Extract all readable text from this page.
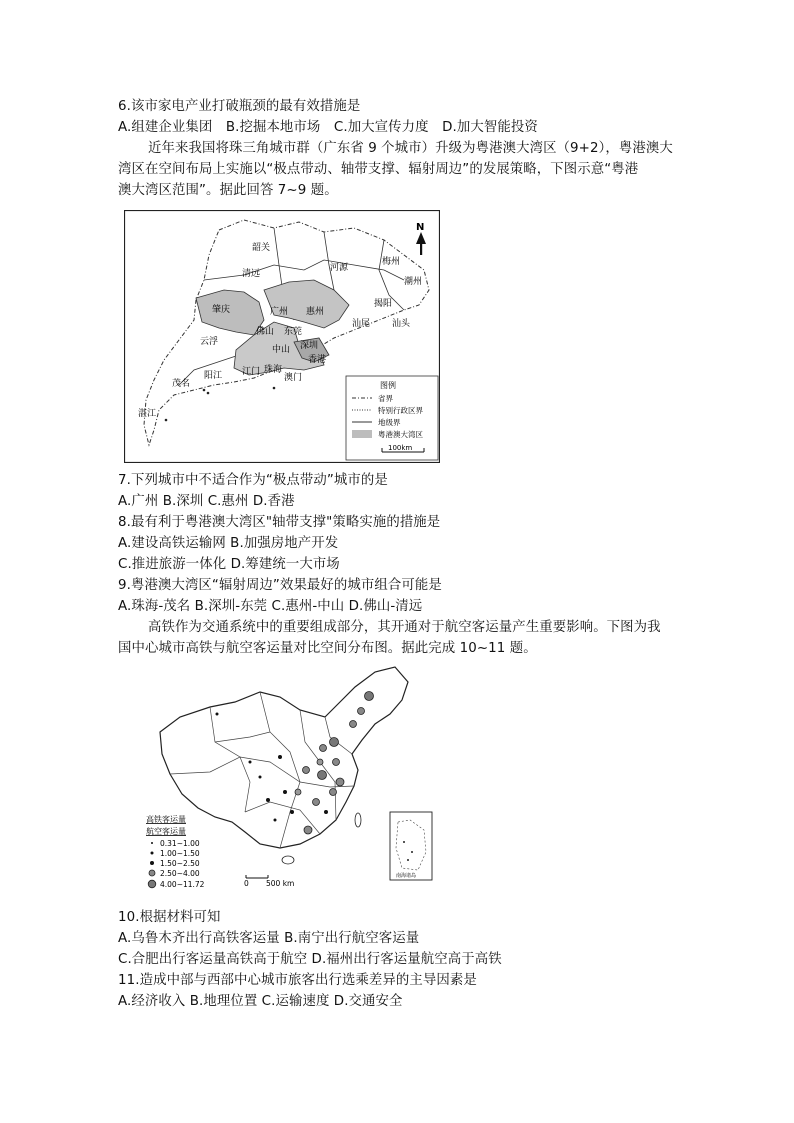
6.该市家电产业打破瓶颈的最有效措施是
A.组建企业集团　B.挖掘本地市场　C.加大宣传力度　D.加大智能投资
近年来我国将珠三角城市群（广东省 9 个城市）升级为粤港澳大湾区（9+2），粤港澳大
湾区在空间布局上实施以“极点带动、轴带支撑、辐射周边”的发展策略，下图示意“粤港
澳大湾区范围”。据此回答 7~9 题。
韶关
清远
河源
梅州
潮州
肇庆	广州 惠州
揭阳
汕头
汕尾
佛山 东莞
云浮
中山 深圳
香港
阳江 江门 珠海
澳门
茂名
湛江
N
图例
省界
特别行政区界
地级界
粤港澳大湾区
100km
7.下列城市中不适合作为“极点带动”城市的是
A.广州 B.深圳 C.惠州 D.香港
8.最有利于粤港澳大湾区"轴带支撑"策略实施的措施是
A.建设高铁运输网 B.加强房地产开发
C.推进旅游一体化 D.筹建统一大市场
9.粤港澳大湾区“辐射周边”效果最好的城市组合可能是
A.珠海-茂名 B.深圳-东莞 C.惠州-中山 D.佛山-清远
高铁作为交通系统中的重要组成部分，其开通对于航空客运量产生重要影响。下图为我
国中心城市高铁与航空客运量对比空间分布图。据此完成 10~11 题。
南海诸岛
高铁客运量
航空客运量
0.31~1.00
1.00~1.50
1.50~2.50
2.50~4.00
4.00~11.72	0 500 km
10.根据材料可知
A.乌鲁木齐出行高铁客运量 B.南宁出行航空客运量
C.合肥出行客运量高铁高于航空 D.福州出行客运量航空高于高铁
11.造成中部与西部中心城市旅客出行选乘差异的主导因素是
A.经济收入 B.地理位置 C.运输速度 D.交通安全
